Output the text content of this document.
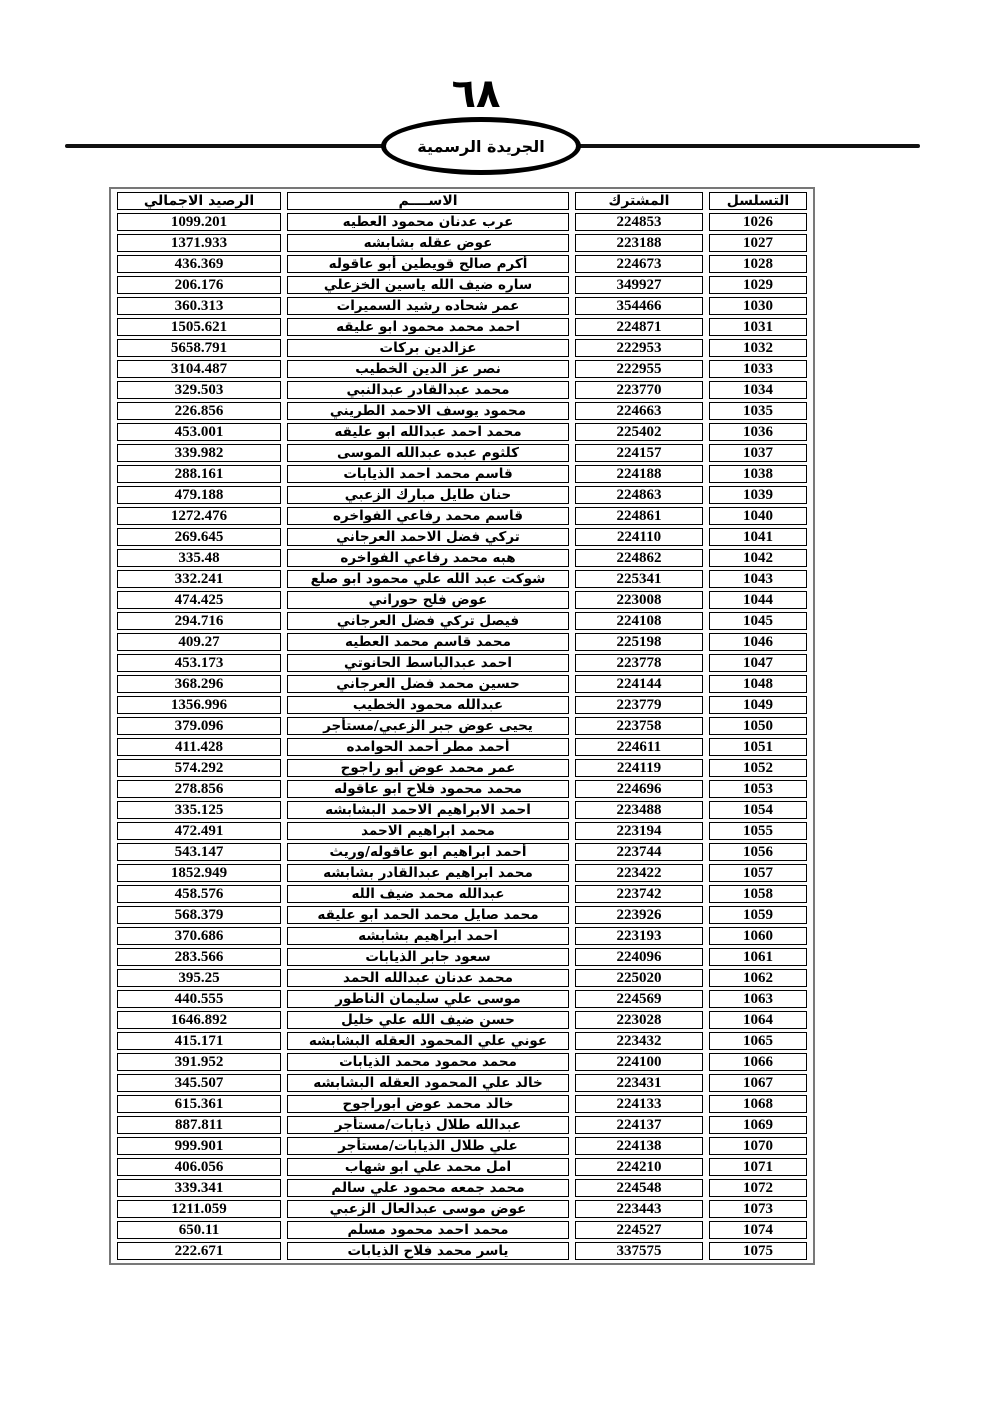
٦٨
الجريدة الرسمية
التسلسل	المشترك	الاســــم	الرصيد الاجمالي
1026	224853	عرب عدنان محمود العطيه	1099.201
1027	223188	عوض عقله بشابشه	1371.933
1028	224673	أكرم صالح قويطين أبو عاقوله	436.369
1029	349927	ساره ضيف الله ياسين الخزعلي	206.176
1030	354466	عمر شحاده رشيد السميرات	360.313
1031	224871	احمد محمد محمود ابو عليقه	1505.621
1032	222953	عزالدين بركات	5658.791
1033	222955	نصر عز الدين الخطيب	3104.487
1034	223770	محمد عبدالقادر عبدالنبي	329.503
1035	224663	محمود يوسف الاحمد الطريني	226.856
1036	225402	محمد احمد عبدالله ابو عليقه	453.001
1037	224157	كلثوم عبده عبدالله الموسى	339.982
1038	224188	قاسم محمد احمد الذيابات	288.161
1039	224863	حنان طايل مبارك الزعبي	479.188
1040	224861	قاسم محمد رفاعي الفواخره	1272.476
1041	224110	تركي فضل الاحمد العرجاني	269.645
1042	224862	هبه محمد رفاعي الفواخره	335.48
1043	225341	شوكت عبد الله علي محمود ابو صلع	332.241
1044	223008	عوض فلح حوراني	474.425
1045	224108	فيصل تركي فضل العرجاني	294.716
1046	225198	محمد قاسم محمد العطيه	409.27
1047	223778	احمد عبدالباسط الحانوتي	453.173
1048	224144	حسين محمد فضل العرجاني	368.296
1049	223779	عبدالله محمود الخطيب	1356.996
1050	223758	يحيى عوض جبر الزعبي/مستأجر	379.096
1051	224611	أحمد مطر أحمد الحوامده	411.428
1052	224119	عمر محمد عوض أبو راجوح	574.292
1053	224696	محمد محمود فلاح ابو عاقوله	278.856
1054	223488	احمد الابراهيم الاحمد البشابشه	335.125
1055	223194	محمد ابراهيم الاحمد	472.491
1056	223744	أحمد ابراهيم ابو عاقوله/وريث	543.147
1057	223422	محمد ابراهيم عبدالقادر بشابشه	1852.949
1058	223742	عبدالله محمد ضيف الله	458.576
1059	223926	محمد صايل محمد الحمد ابو عليقه	568.379
1060	223193	احمد ابراهيم بشابشه	370.686
1061	224096	سعود جابر الذيابات	283.566
1062	225020	محمد عدنان عبدالله الحمد	395.25
1063	224569	موسى علي سليمان الناطور	440.555
1064	223028	حسن ضيف الله علي خليل	1646.892
1065	223432	عوني علي المحمود العقله البشابشه	415.171
1066	224100	محمد محمود محمد الذيابات	391.952
1067	223431	خالد علي المحمود العقله البشابشه	345.507
1068	224133	خالد محمد عوض ابوراجوح	615.361
1069	224137	عبدالله طلال ذيابات/مستأجر	887.811
1070	224138	علي طلال الذيابات/مستأجر	999.901
1071	224210	امل محمد علي ابو شهاب	406.056
1072	224548	محمد جمعه محمود علي سالم	339.341
1073	223443	عوض موسى عبدالعال الزعبي	1211.059
1074	224527	محمد احمد محمود مسلم	650.11
1075	337575	ياسر محمد فلاح الذيابات	222.671
